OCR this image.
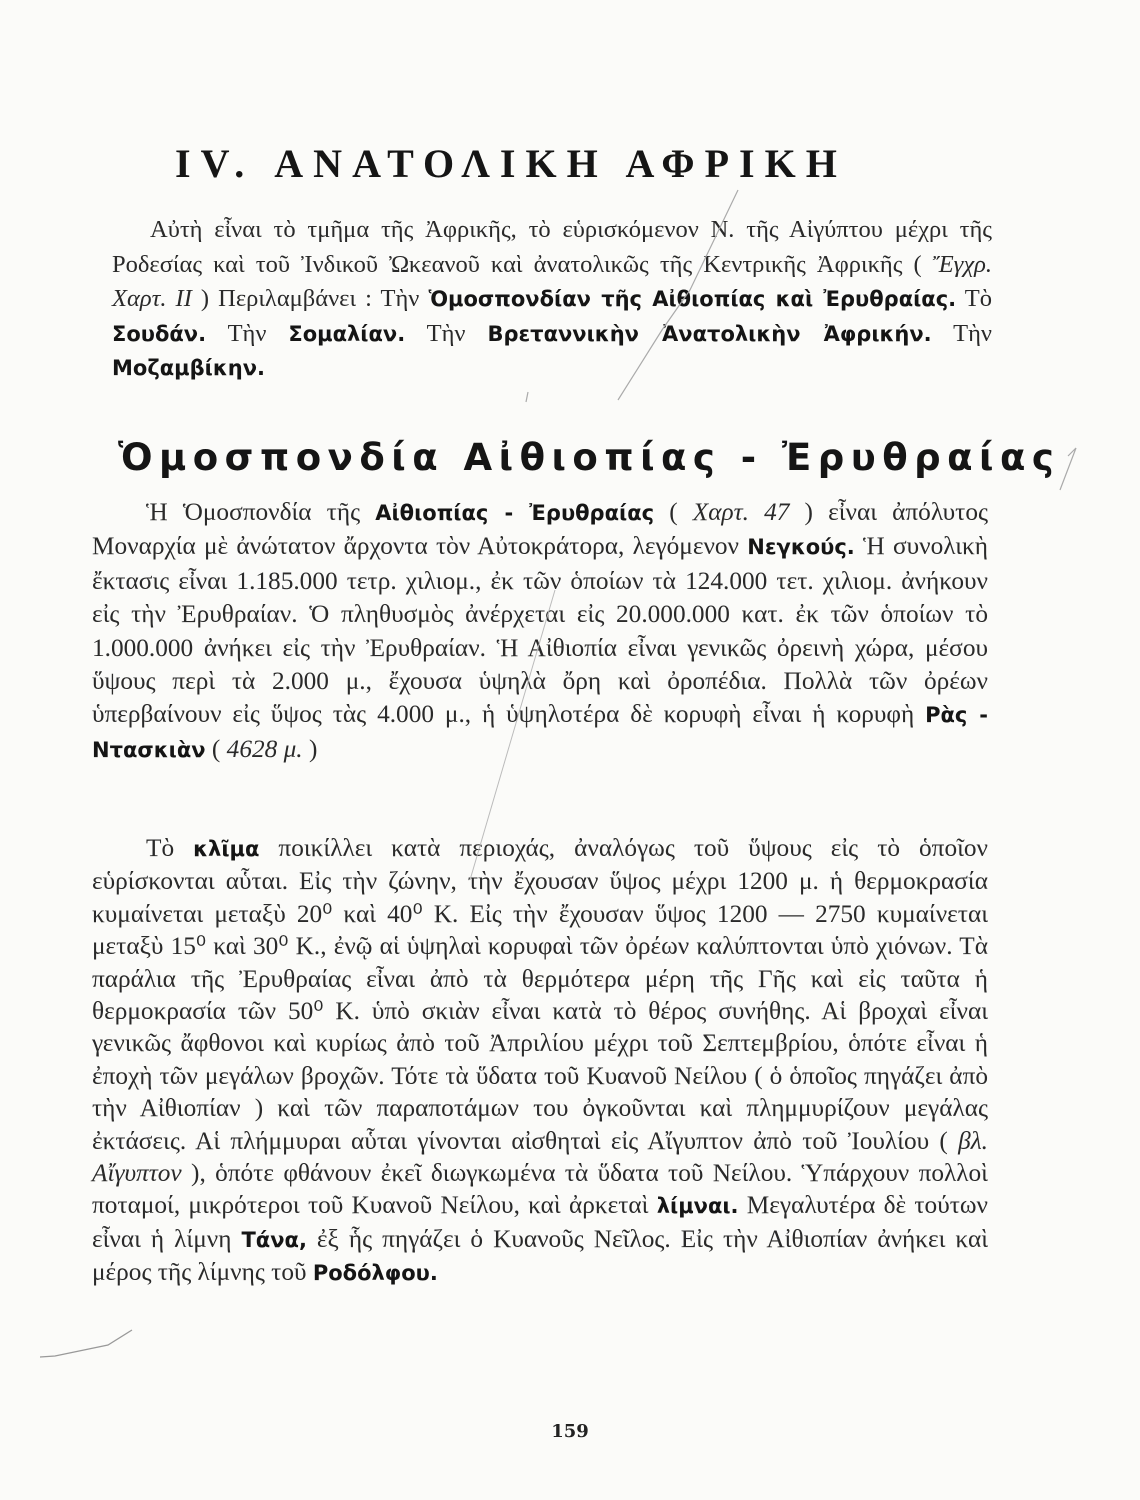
IV. ΑΝΑΤΟΛΙΚΗ ΑΦΡΙΚΗ

Αὐτὴ εἶναι τὸ τμῆμα τῆς Ἀφρικῆς, τὸ εὑρισκόμενον Ν. τῆς Αἰγύπτου μέχρι τῆς Ροδεσίας καὶ τοῦ Ἰνδικοῦ Ὠκεανοῦ καὶ ἀνατολικῶς τῆς Κεντρικῆς Ἀφρικῆς ( Ἔγχρ. Χαρτ. II ) Περιλαμβάνει : Τὴν Ὁμοσπονδίαν τῆς Αἰθιοπίας καὶ Ἐρυθραίας. Τὸ Σουδάν. Τὴν Σομαλίαν. Τὴν Βρεταννικὴν Ἀνατολικὴν Ἀφρικήν. Τὴν Μοζαμβίκην.

Ὁμοσπονδία Αἰθιοπίας - Ἐρυθραίας

Ἡ Ὁμοσπονδία τῆς Αἰθιοπίας - Ἐρυθραίας ( Χαρτ. 47 ) εἶναι ἀπόλυτος Μοναρχία μὲ ἀνώτατον ἄρχοντα τὸν Αὐτοκράτορα, λεγόμενον Νεγκούς. Ἡ συνολικὴ ἔκτασις εἶναι 1.185.000 τετρ. χιλιομ., ἐκ τῶν ὁποίων τὰ 124.000 τετ. χιλιομ. ἀνήκουν εἰς τὴν Ἐρυθραίαν. Ὁ πληθυσμὸς ἀνέρχεται εἰς 20.000.000 κατ. ἐκ τῶν ὁποίων τὸ 1.000.000 ἀνήκει εἰς τὴν Ἐρυθραίαν. Ἡ Αἰθιοπία εἶναι γενικῶς ὀρεινὴ χώρα, μέσου ὕψους περὶ τὰ 2.000 μ., ἔχουσα ὑψηλὰ ὄρη καὶ ὀροπέδια. Πολλὰ τῶν ὀρέων ὑπερβαίνουν εἰς ὕψος τὰς 4.000 μ., ἡ ὑψηλοτέρα δὲ κορυφὴ εἶναι ἡ κορυφὴ Ρὰς - Ντασκιὰν ( 4628 μ. )

Τὸ κλῖμα ποικίλλει κατὰ περιοχάς, ἀναλόγως τοῦ ὕψους εἰς τὸ ὁποῖον εὑρίσκονται αὗται. Εἰς τὴν ζώνην, τὴν ἔχουσαν ὕψος μέχρι 1200 μ. ἡ θερμοκρασία κυμαίνεται μεταξὺ 20⁰ καὶ 40⁰ Κ. Εἰς τὴν ἔχουσαν ὕψος 1200 — 2750 κυμαίνεται μεταξὺ 15⁰ καὶ 30⁰ Κ., ἐνῷ αἱ ὑψηλαὶ κορυφαὶ τῶν ὀρέων καλύπτονται ὑπὸ χιόνων. Τὰ παράλια τῆς Ἐρυθραίας εἶναι ἀπὸ τὰ θερμότερα μέρη τῆς Γῆς καὶ εἰς ταῦτα ἡ θερμοκρασία τῶν 50⁰ Κ. ὑπὸ σκιὰν εἶναι κατὰ τὸ θέρος συνήθης. Αἱ βροχαὶ εἶναι γενικῶς ἄφθονοι καὶ κυρίως ἀπὸ τοῦ Ἀπριλίου μέχρι τοῦ Σεπτεμβρίου, ὁπότε εἶναι ἡ ἐποχὴ τῶν μεγάλων βροχῶν. Τότε τὰ ὕδατα τοῦ Κυανοῦ Νείλου ( ὁ ὁποῖος πηγάζει ἀπὸ τὴν Αἰθιοπίαν ) καὶ τῶν παραποτάμων του ὀγκοῦνται καὶ πλημμυρίζουν μεγάλας ἐκτάσεις. Αἱ πλήμμυραι αὗται γίνονται αἰσθηταὶ εἰς Αἴγυπτον ἀπὸ τοῦ Ἰουλίου ( βλ. Αἴγυπτον ), ὁπότε φθάνουν ἐκεῖ διωγκωμένα τὰ ὕδατα τοῦ Νείλου. Ὑπάρχουν πολλοὶ ποταμοί, μικρότεροι τοῦ Κυανοῦ Νείλου, καὶ ἀρκεταὶ λίμναι. Μεγαλυτέρα δὲ τούτων εἶναι ἡ λίμνη Τάνα, ἐξ ἧς πηγάζει ὁ Κυανοῦς Νεῖλος. Εἰς τὴν Αἰθιοπίαν ἀνήκει καὶ μέρος τῆς λίμνης τοῦ Ροδόλφου.

159
